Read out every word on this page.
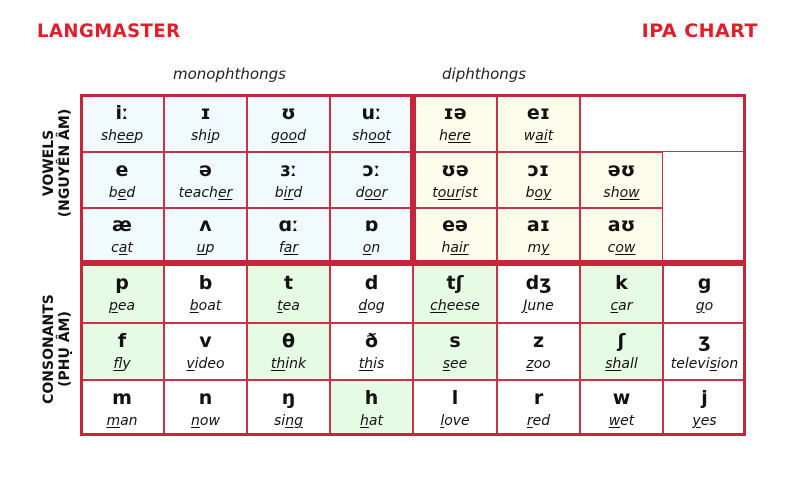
LANGMASTER	IPA CHART
monophthongs	diphthongs
VOWELS (NGUYÊN ÂM)
CONSONANTS (PHỤ ÂM)
iː
sheep
ɪ
ship
ʊ
good
uː
shoot
ɪə
here
eɪ
wait
e
bed
ə
teacher
ɜː
bird
ɔː
door
ʊə
tourist
ɔɪ
boy
əʊ
show
æ
cat
ʌ
up
ɑː
far
ɒ
on
eə
hair
aɪ
my
aʊ
cow
p
pea
b
boat
t
tea
d
dog
tʃ
cheese
dʒ
June
k
car
g
go
f
fly
v
video
θ
think
ð
this
s
see
z
zoo
ʃ
shall
ʒ
television
m
man
n
now
ŋ
sing
h
hat
l
love
r
red
w
wet
j
yes
